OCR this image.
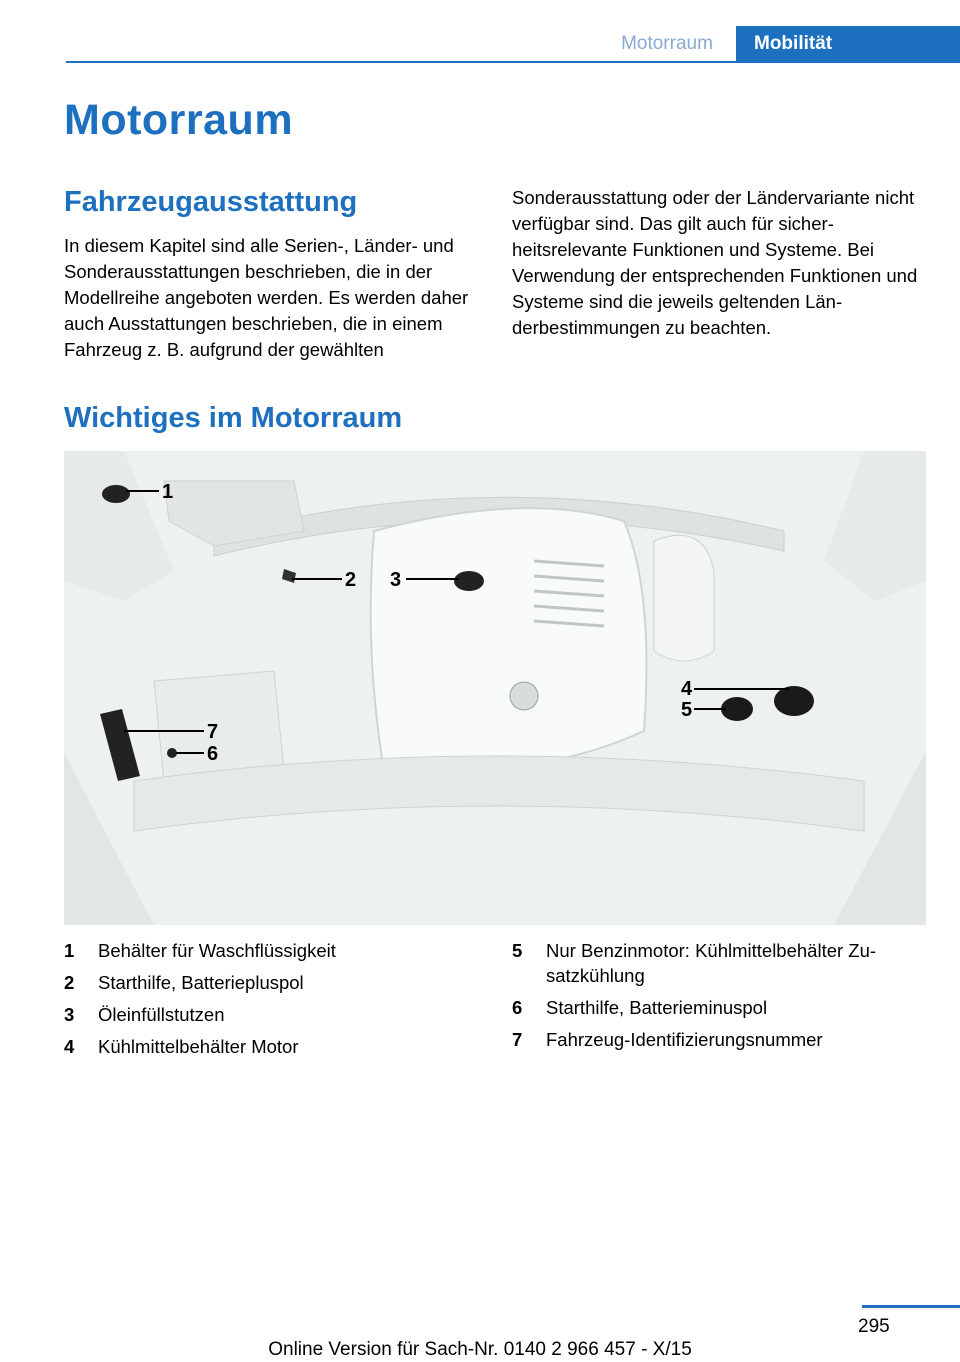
Motorraum	Mobilität
Motorraum
Fahrzeugausstattung

In diesem Kapitel sind alle Serien-, Länder- und Sonderausstattungen beschrieben, die in der Modellreihe angeboten werden. Es werden daher auch Ausstattungen beschrieben, die in einem Fahrzeug z. B. aufgrund der gewählten

Sonderausstattung oder der Ländervariante nicht verfügbar sind. Das gilt auch für sicherheitsrelevante Funktionen und Systeme. Bei Verwendung der entsprechenden Funktionen und Systeme sind die jeweils geltenden Länderbestimmungen zu beachten.

Wichtiges im Motorraum
1
2 3
4
5
6
7
1 Behälter für Waschflüssigkeit
2 Starthilfe, Batteriepluspol
3 Öleinfüllstutzen
4 Kühlmittelbehälter Motor
5 Nur Benzinmotor: Kühlmittelbehälter Zusatzkühlung
6 Starthilfe, Batterieminuspol
7 Fahrzeug-Identifizierungsnummer
295
Online Version für Sach-Nr. 0140 2 966 457 - X/15
